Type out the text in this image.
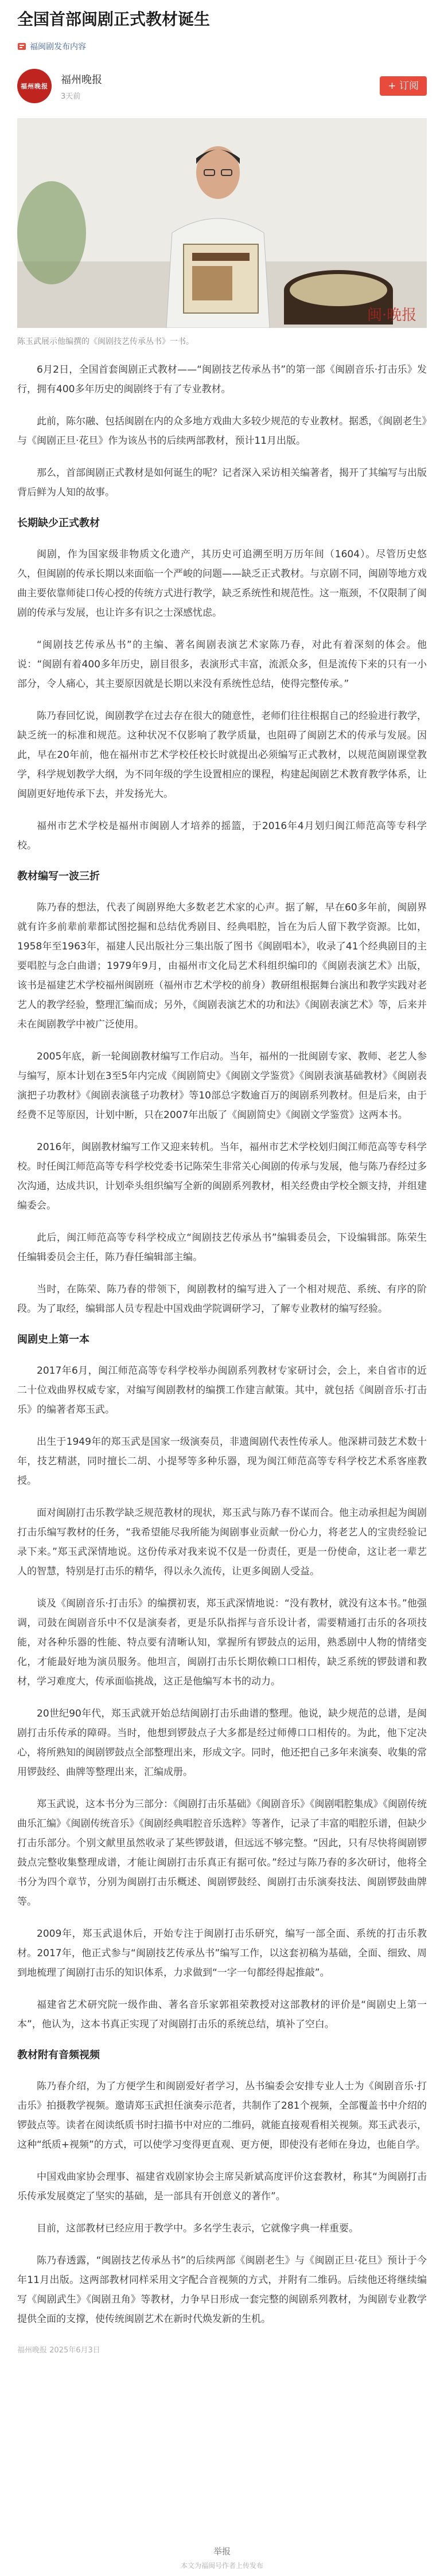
全国首部闽剧正式教材诞生
福闽剧发布内容
福州晚报
福州晚报
3天前
+ 订阅
闽·晚报
陈玉武展示他编撰的《闽剧技艺传承丛书》一书。

6月2日，全国首套闽剧正式教材——“闽剧技艺传承丛书”的第一部《闽剧音乐·打击乐》发行，拥有400多年历史的闽剧终于有了专业教材。

此前，陈尔融、包括闽剧在内的众多地方戏曲大多较少规范的专业教材。据悉，《闽剧老生》与《闽剧正旦·花旦》作为该丛书的后续两部教材，预计11月出版。

那么，首部闽剧正式教材是如何诞生的呢？记者深入采访相关编著者，揭开了其编写与出版背后鲜为人知的故事。

长期缺少正式教材

闽剧，作为国家级非物质文化遗产，其历史可追溯至明万历年间（1604）。尽管历史悠久，但闽剧的传承长期以来面临一个严峻的问题——缺乏正式教材。与京剧不同，闽剧等地方戏曲主要依靠师徒口传心授的传统方式进行教学，缺乏系统性和规范性。这一瓶颈，不仅限制了闽剧的传承与发展，也让许多有识之士深感忧虑。

“闽剧技艺传承丛书”的主编、著名闽剧表演艺术家陈乃春，对此有着深刻的体会。他说：“闽剧有着400多年历史，剧目很多，表演形式丰富，流派众多，但是流传下来的只有一小部分，令人痛心，其主要原因就是长期以来没有系统性总结，使得完整传承。”

陈乃春回忆说，闽剧教学在过去存在很大的随意性，老师们往往根据自己的经验进行教学，缺乏统一的标准和规范。这种状况不仅影响了教学质量，也阻碍了闽剧艺术的传承与发展。因此，早在20年前，他在福州市艺术学校任校长时就提出必须编写正式教材，以规范闽剧课堂教学，科学规划教学大纲，为不同年级的学生设置相应的课程，构建起闽剧艺术教育教学体系，让闽剧更好地传承下去，并发扬光大。

福州市艺术学校是福州市闽剧人才培养的摇篮，于2016年4月划归闽江师范高等专科学校。

教材编写一波三折

陈乃春的想法，代表了闽剧界绝大多数老艺术家的心声。据了解，早在60多年前，闽剧界就有许多前辈前辈都试图挖掘和总结优秀剧目、经典唱腔，旨在为后人留下教学资源。比如，1958年至1963年，福建人民出版社分三集出版了图书《闽剧唱本》，收录了41个经典剧目的主要唱腔与念白曲谱；1979年9月，由福州市文化局艺术科组织编印的《闽剧表演艺术》出版，该书是福建艺术学校福州闽剧班（福州市艺术学校的前身）教研组根据舞台演出和教学实践对老艺人的教学经验，整理汇编而成；另外，《闽剧表演艺术的功和法》《闽剧表演艺术》等，后来并未在闽剧教学中被广泛使用。

2005年底，新一轮闽剧教材编写工作启动。当年，福州的一批闽剧专家、教师、老艺人参与编写，原本计划在3至5年内完成《闽剧简史》《闽剧文学鉴赏》《闽剧表演基础教材》《闽剧表演把子功教材》《闽剧表演毯子功教材》等10部总字数逾百万的闽剧系列教材。但是后来，由于经费不足等原因，计划中断，只在2007年出版了《闽剧简史》《闽剧文学鉴赏》这两本书。

2016年，闽剧教材编写工作又迎来转机。当年，福州市艺术学校划归闽江师范高等专科学校。时任闽江师范高等专科学校党委书记陈荣生非常关心闽剧的传承与发展，他与陈乃春经过多次沟通，达成共识，计划牵头组织编写全新的闽剧系列教材，相关经费由学校全额支持，并组建编委会。

此后，闽江师范高等专科学校成立“闽剧技艺传承丛书”编辑委员会，下设编辑部。陈荣生任编辑委员会主任，陈乃春任编辑部主编。

当时，在陈荣、陈乃春的带领下，闽剧教材的编写进入了一个相对规范、系统、有序的阶段。为了取经，编辑部人员专程赴中国戏曲学院调研学习，了解专业教材的编写经验。

闽剧史上第一本

2017年6月，闽江师范高等专科学校举办闽剧系列教材专家研讨会，会上，来自省市的近二十位戏曲界权威专家，对编写闽剧教材的编撰工作建言献策。其中，就包括《闽剧音乐·打击乐》的编著者郑玉武。

出生于1949年的郑玉武是国家一级演奏员，非遗闽剧代表性传承人。他深耕司鼓艺术数十年，技艺精湛，同时擅长二胡、小提琴等多种乐器，现为闽江师范高等专科学校艺术系客座教授。

面对闽剧打击乐教学缺乏规范教材的现状，郑玉武与陈乃春不谋而合。他主动承担起为闽剧打击乐编写教材的任务，“我希望能尽我所能为闽剧事业贡献一份心力，将老艺人的宝贵经验记录下来。”郑玉武深情地说。这份传承对我来说不仅是一份责任，更是一份使命，这让老一辈艺人的智慧，特别是打击乐的精华，得以永久流传，让更多闽剧人受益。

谈及《闽剧音乐·打击乐》的编撰初衷，郑玉武深情地说：“没有教材，就没有这本书。”他强调，司鼓在闽剧音乐中不仅是演奏者，更是乐队指挥与音乐设计者，需要精通打击乐的各项技能，对各种乐器的性能、特点要有清晰认知，掌握所有锣鼓点的运用，熟悉剧中人物的情绪变化，才能最好地为演员服务。他坦言，闽剧打击乐长期依赖口口相传，缺乏系统的锣鼓谱和教材，学习难度大，传承面临挑战，这正是他编写本书的动力。

20世纪90年代，郑玉武就开始总结闽剧打击乐曲谱的整理。他说，缺少规范的总谱，是闽剧打击乐传承的障碍。当时，他想到锣鼓点子大多都是经过师傅口口相传的。为此，他下定决心，将所熟知的闽剧锣鼓点全部整理出来，形成文字。同时，他还把自己多年来演奏、收集的常用锣鼓经、曲牌等整理出来，汇编成册。

郑玉武说，这本书分为三部分：《闽剧打击乐基础》《闽剧音乐》《闽剧唱腔集成》《闽剧传统曲乐汇编》《闽剧传统音乐》《闽剧经典唱腔音乐选粹》等著作，记录了丰富的唱腔乐谱，但缺少打击乐部分。个别文献里虽然收录了某些锣鼓谱，但远远不够完整。“因此，只有尽快将闽剧锣鼓点完整收集整理成谱，才能让闽剧打击乐真正有据可依。”经过与陈乃春的多次研讨，他将全书分为四个章节，分别为闽剧打击乐概述、闽剧锣鼓经、闽剧打击乐演奏技法、闽剧锣鼓曲牌等。

2009年，郑玉武退休后，开始专注于闽剧打击乐研究，编写一部全面、系统的打击乐教材。2017年，他正式参与“闽剧技艺传承丛书”编写工作，以这套初稿为基础，全面、细致、周到地梳理了闽剧打击乐的知识体系，力求做到“一字一句都经得起推敲”。

福建省艺术研究院一级作曲、著名音乐家郭祖荣教授对这部教材的评价是“闽剧史上第一本”，他认为，这本书真正实现了对闽剧打击乐的系统总结，填补了空白。

教材附有音频视频

陈乃春介绍，为了方便学生和闽剧爱好者学习，丛书编委会安排专业人士为《闽剧音乐·打击乐》拍摄教学视频。邀请郑玉武担任演奏示范者，共制作了281个视频，全部覆盖书中介绍的锣鼓点等。读者在阅读纸质书时扫描书中对应的二维码，就能直接观看相关视频。郑玉武表示，这种“纸质+视频”的方式，可以使学习变得更直观、更方便，即使没有老师在身边，也能自学。

中国戏曲家协会理事、福建省戏剧家协会主席吴新斌高度评价这套教材，称其“为闽剧打击乐传承发展奠定了坚实的基础，是一部具有开创意义的著作”。

目前，这部教材已经应用于教学中。多名学生表示，它就像字典一样重要。

陈乃春透露，“闽剧技艺传承丛书”的后续两部《闽剧老生》与《闽剧正旦·花旦》预计于今年11月出版。这两部教材同样采用文字配合音视频的方式，并附有二维码。后续他还将继续编写《闽剧武生》《闽剧丑角》等教材，力争早日形成一套完整的闽剧系列教材，为闽剧专业教学提供全面的支撑，使传统闽剧艺术在新时代焕发新的生机。

福州晚报 2025年6月3日
举报
本文为福闽号作者上传发布
